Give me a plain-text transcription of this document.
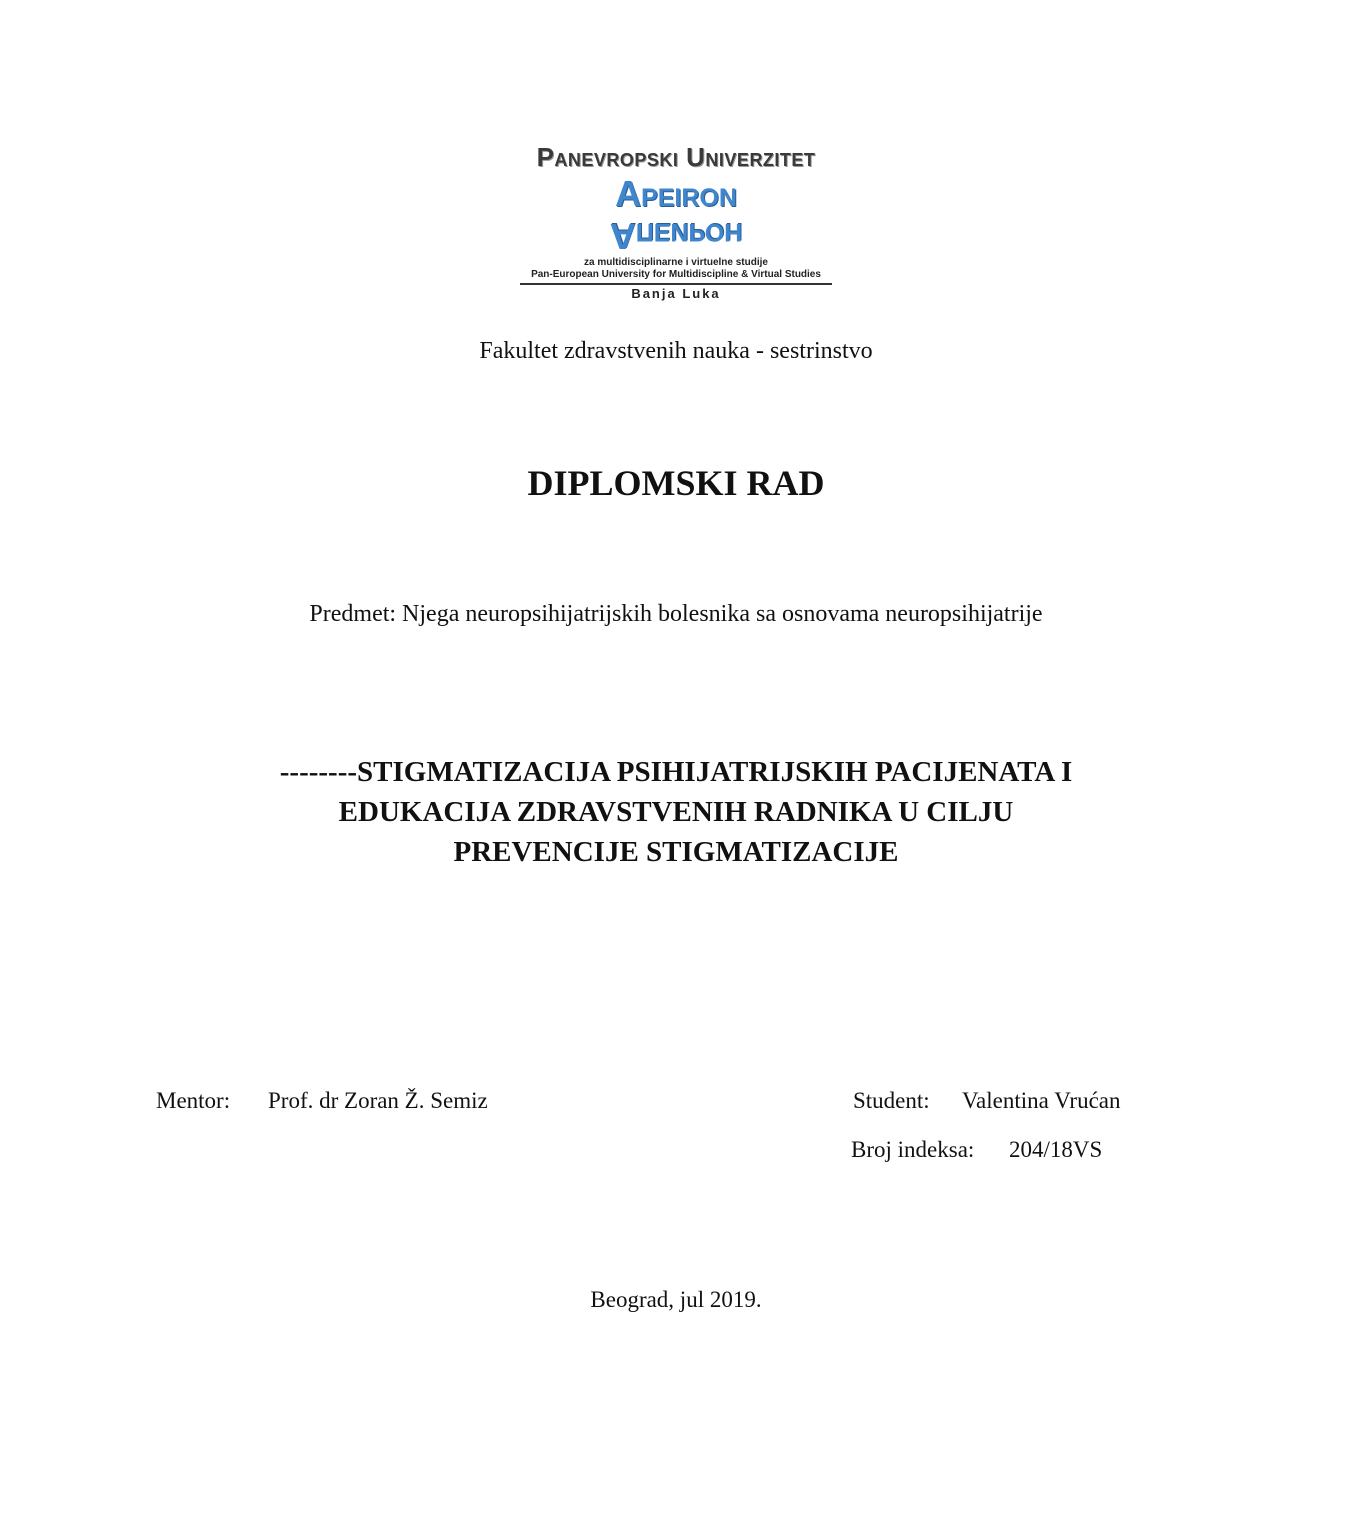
Panevropski Univerzitet
Apeiron
Апеирон
za multidisciplinarne i virtuelne studije
Pan-European University for Multidiscipline & Virtual Studies
Banja Luka
Fakultet zdravstvenih nauka - sestrinstvo
DIPLOMSKI RAD
Predmet: Njega neuropsihijatrijskih bolesnika sa osnovama neuropsihijatrije
--------STIGMATIZACIJA PSIHIJATRIJSKIH PACIJENATA I
EDUKACIJA ZDRAVSTVENIH RADNIKA U CILJU
PREVENCIJE STIGMATIZACIJE
Mentor: Prof. dr Zoran Ž. Semiz	Student: Valentina Vrućan
Broj indeksa: 204/18VS
Beograd, jul 2019.
